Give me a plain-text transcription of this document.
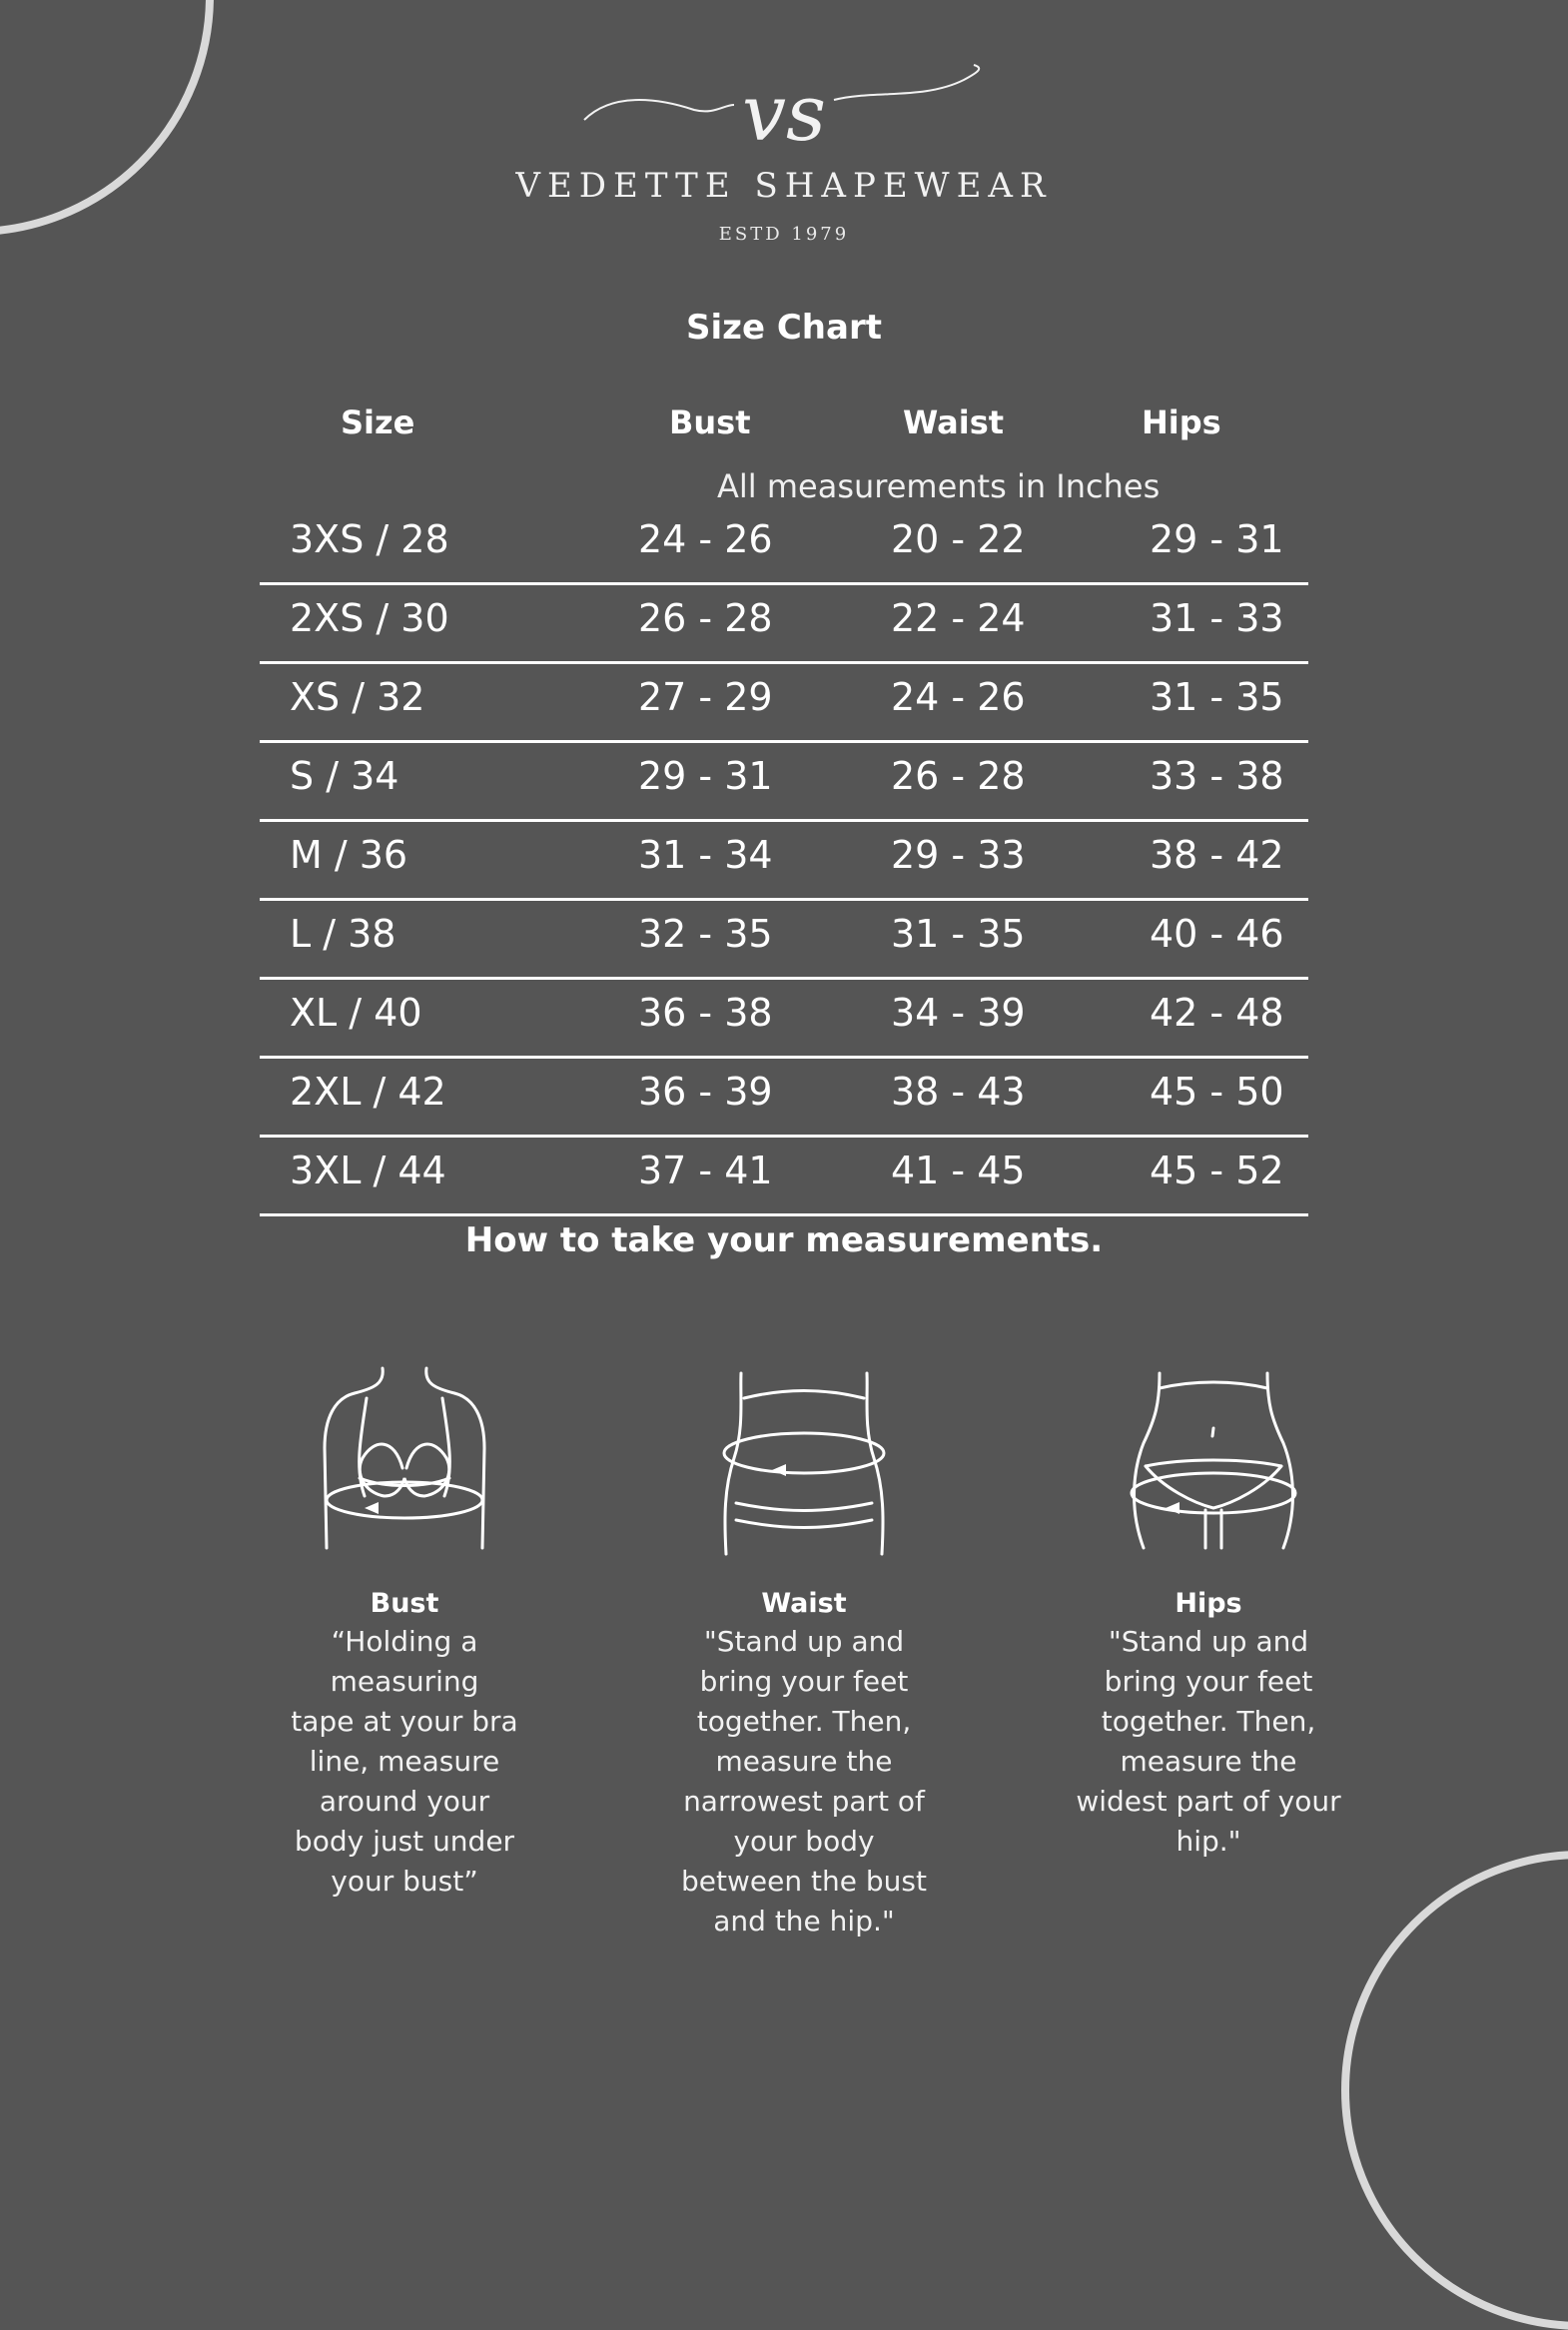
vs
VEDETTE SHAPEWEAR
ESTD 1979
Size Chart
Size	Bust	Waist	Hips
All measurements in Inches
3XS / 28	24 - 26	20 - 22	29 - 31
2XS / 30	26 - 28	22 - 24	31 - 33
XS / 32	27 - 29	24 - 26	31 - 35
S / 34	29 - 31	26 - 28	33 - 38
M / 36	31 - 34	29 - 33	38 - 42
L / 38	32 - 35	31 - 35	40 - 46
XL / 40	36 - 38	34 - 39	42 - 48
2XL / 42	36 - 39	38 - 43	45 - 50
3XL / 44	37 - 41	41 - 45	45 - 52
How to take your measurements.
Bust

“Holding a

measuring

tape at your bra

line, measure

around your

body just under

your bust”

Waist

"Stand up and

bring your feet

together. Then,

measure the

narrowest part of

your body

between the bust

and the hip."

Hips

"Stand up and

bring your feet

together. Then,

measure the

widest part of your

hip."
